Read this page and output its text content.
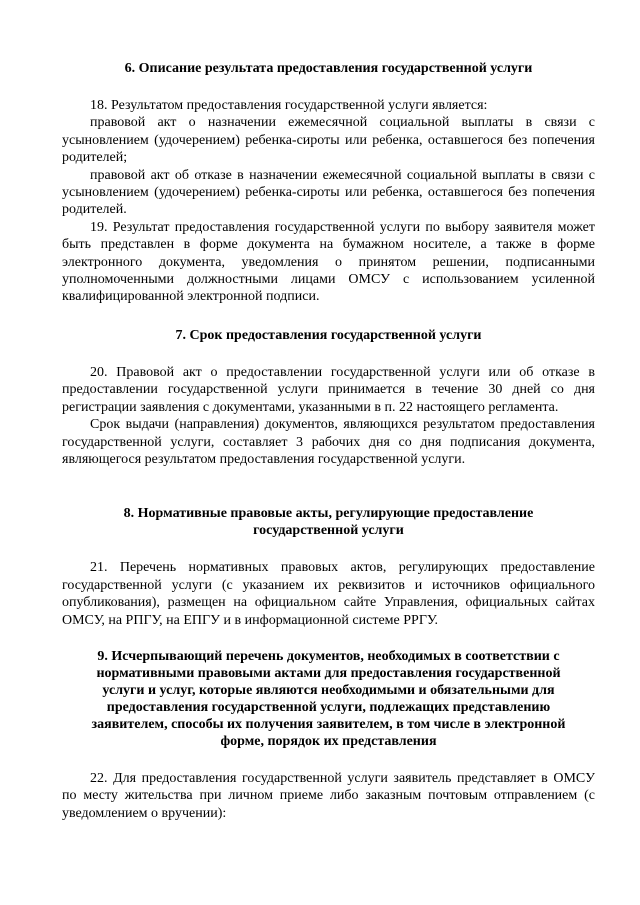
6. Описание результата предоставления государственной услуги

18. Результатом предоставления государственной услуги является:

правовой акт о назначении ежемесячной социальной выплаты в связи с усыновлением (удочерением) ребенка-сироты или ребенка, оставшегося без попечения родителей;

правовой акт об отказе в назначении ежемесячной социальной выплаты в связи с усыновлением (удочерением) ребенка-сироты или ребенка, оставшегося без попечения родителей.

19. Результат предоставления государственной услуги по выбору заявителя может быть представлен в форме документа на бумажном носителе, а также в форме электронного документа, уведомления о принятом решении, подписанными уполномоченными должностными лицами ОМСУ с использованием усиленной квалифицированной электронной подписи.

7. Срок предоставления государственной услуги

20. Правовой акт о предоставлении государственной услуги или об отказе в предоставлении государственной услуги принимается в течение 30 дней со дня регистрации заявления с документами, указанными в п. 22 настоящего регламента.

Срок выдачи (направления) документов, являющихся результатом предоставления государственной услуги, составляет 3 рабочих дня со дня подписания документа, являющегося результатом предоставления государственной услуги.

8. Нормативные правовые акты, регулирующие предоставление

государственной услуги

21. Перечень нормативных правовых актов, регулирующих предоставление государственной услуги (с указанием их реквизитов и источников официального опубликования), размещен на официальном сайте Управления, официальных сайтах ОМСУ, на РПГУ, на ЕПГУ и в информационной системе РРГУ.

9. Исчерпывающий перечень документов, необходимых в соответствии с

нормативными правовыми актами для предоставления государственной

услуги и услуг, которые являются необходимыми и обязательными для

предоставления государственной услуги, подлежащих представлению

заявителем, способы их получения заявителем, в том числе в электронной

форме, порядок их представления

22. Для предоставления государственной услуги заявитель представляет в ОМСУ по месту жительства при личном приеме либо заказным почтовым отправлением (с уведомлением о вручении):
